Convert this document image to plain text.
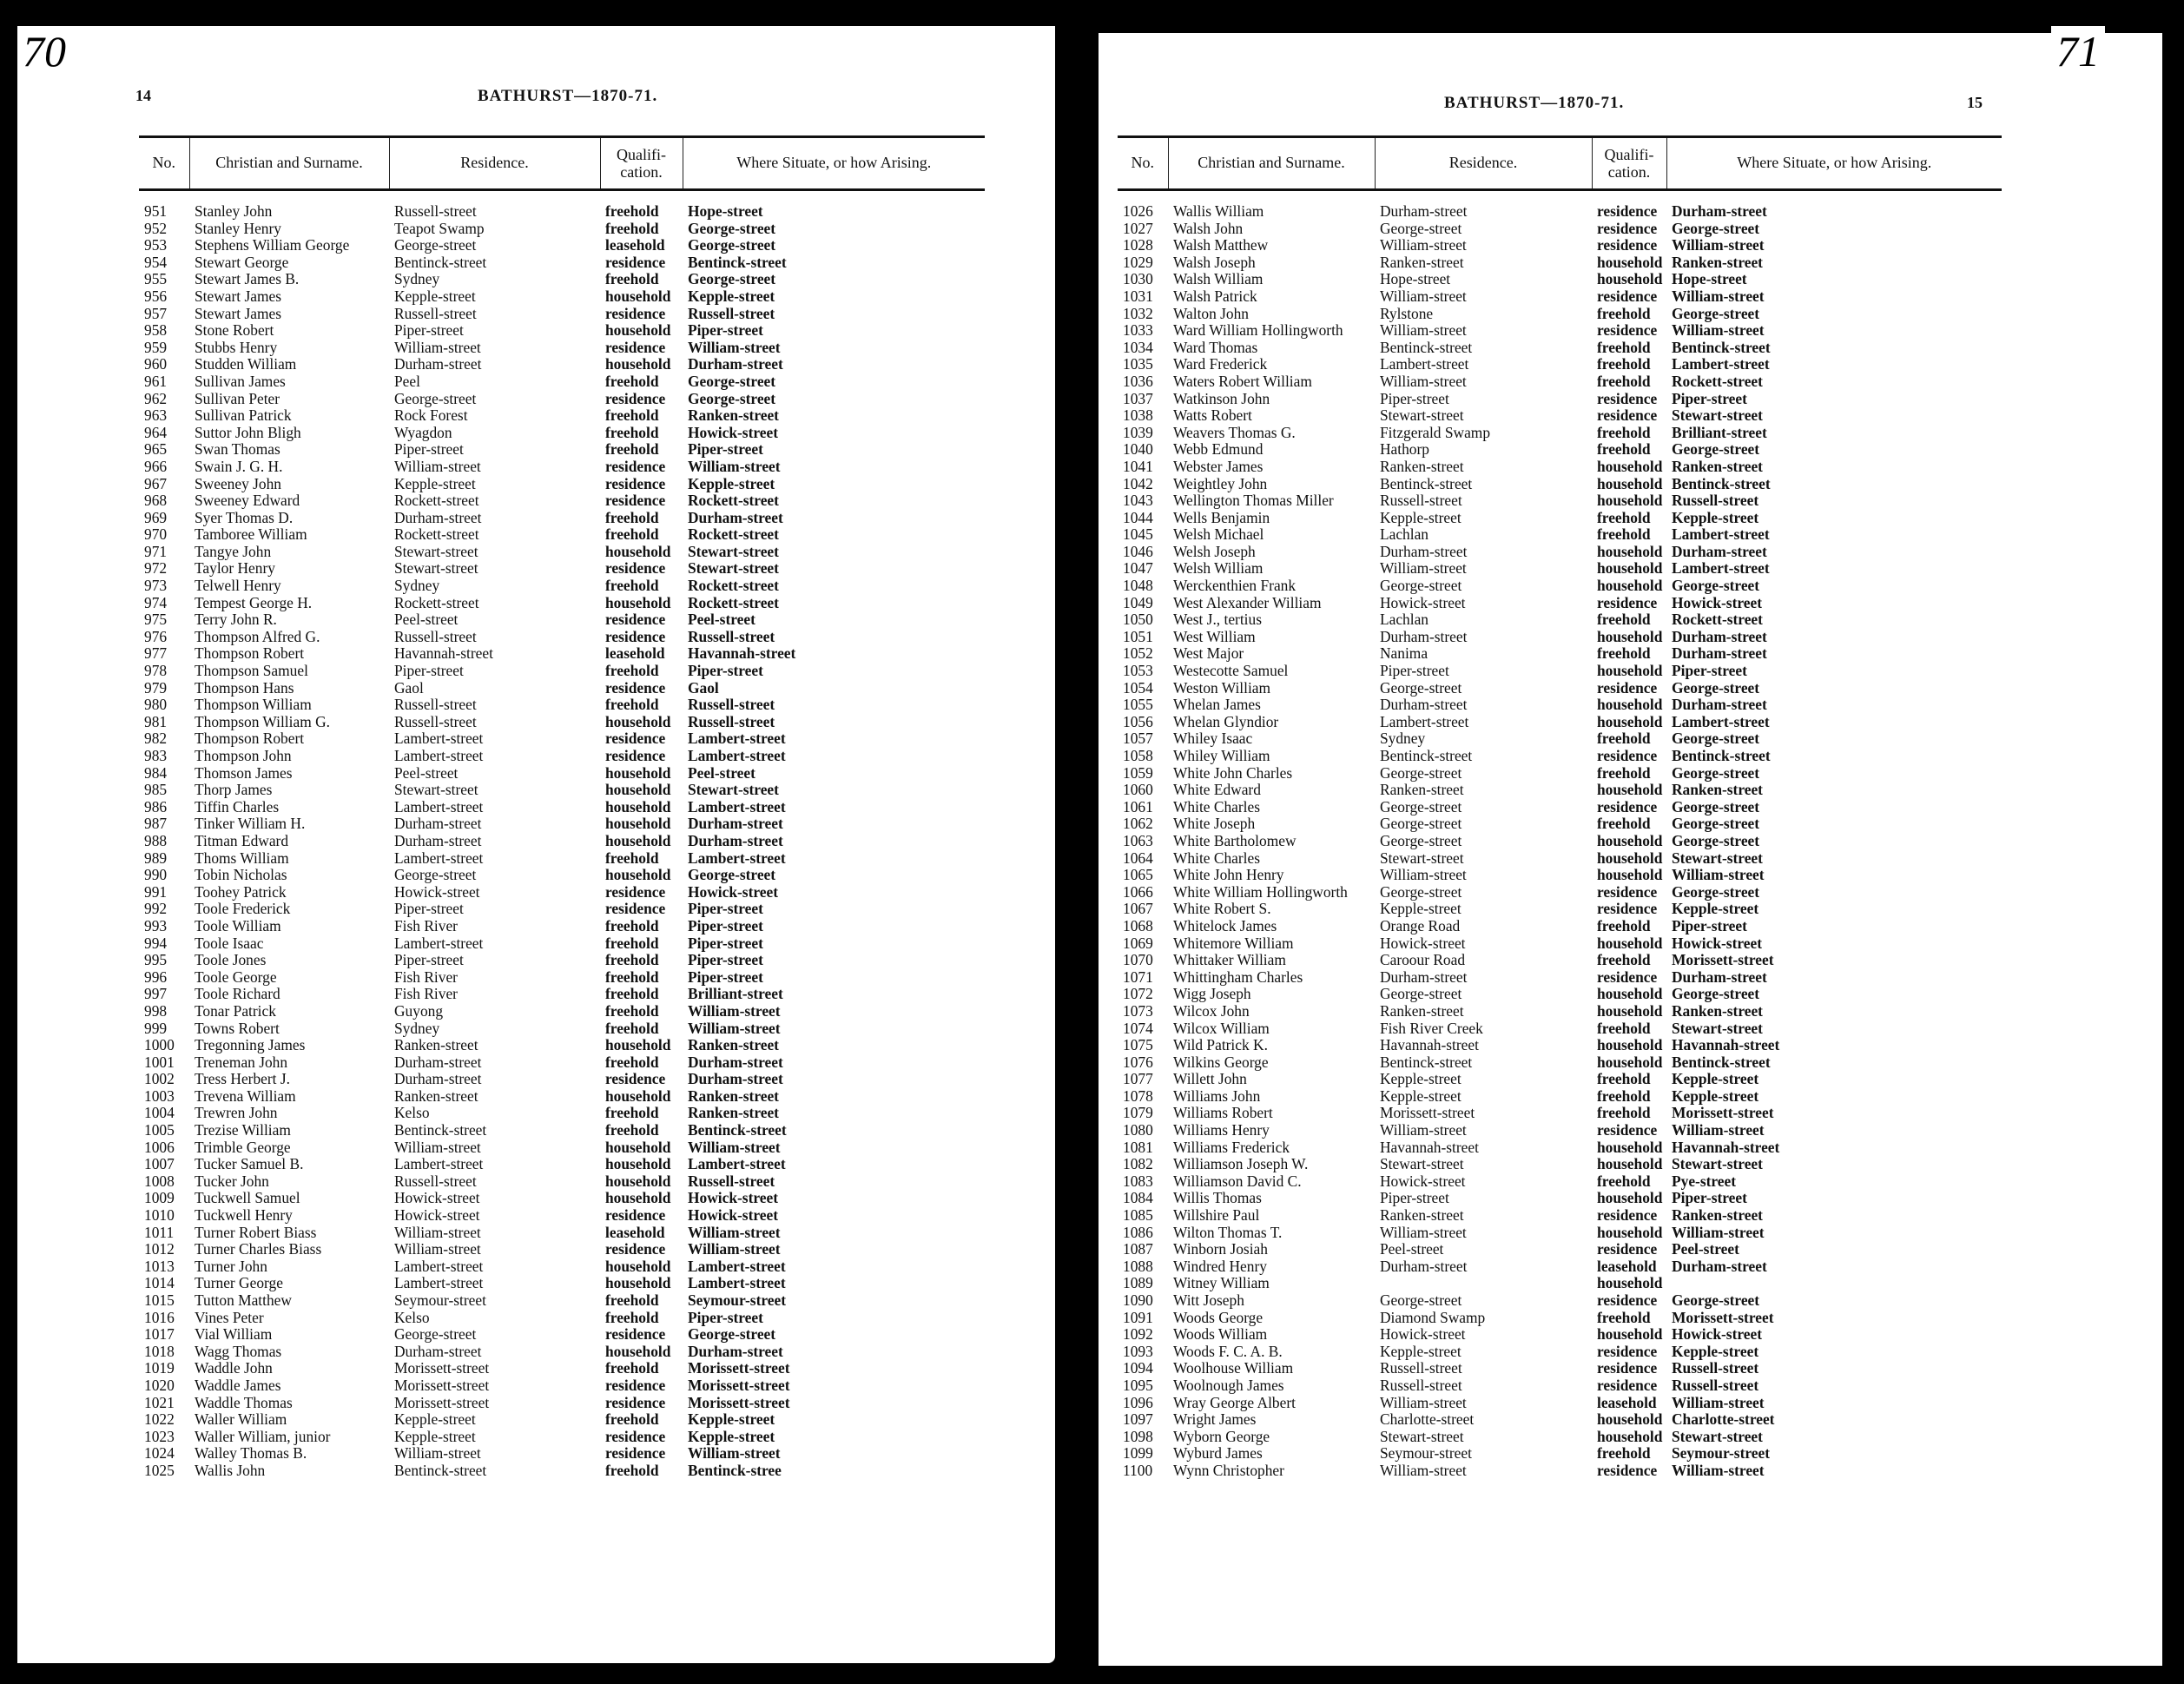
14	BATHURST—1870-71.
No.	Christian and Surname.	Residence.	Qualifi-cation.	Where Situate, or how Arising.

951	Stanley John	Russell-street	freehold	Hope-street
952	Stanley Henry	Teapot Swamp	freehold	George-street
953	Stephens William George	George-street	leasehold	George-street
954	Stewart George	Bentinck-street	residence	Bentinck-street
955	Stewart James B.	Sydney	freehold	George-street
956	Stewart James	Kepple-street	household	Kepple-street
957	Stewart James	Russell-street	residence	Russell-street
958	Stone Robert	Piper-street	household	Piper-street
959	Stubbs Henry	William-street	residence	William-street
960	Studden William	Durham-street	household	Durham-street
961	Sullivan James	Peel	freehold	George-street
962	Sullivan Peter	George-street	residence	George-street
963	Sullivan Patrick	Rock Forest	freehold	Ranken-street
964	Suttor John Bligh	Wyagdon	freehold	Howick-street
965	Swan Thomas	Piper-street	freehold	Piper-street
966	Swain J. G. H.	William-street	residence	William-street
967	Sweeney John	Kepple-street	residence	Kepple-street
968	Sweeney Edward	Rockett-street	residence	Rockett-street
969	Syer Thomas D.	Durham-street	freehold	Durham-street
970	Tamboree William	Rockett-street	freehold	Rockett-street
971	Tangye John	Stewart-street	household	Stewart-street
972	Taylor Henry	Stewart-street	residence	Stewart-street
973	Telwell Henry	Sydney	freehold	Rockett-street
974	Tempest George H.	Rockett-street	household	Rockett-street
975	Terry John R.	Peel-street	residence	Peel-street
976	Thompson Alfred G.	Russell-street	residence	Russell-street
977	Thompson Robert	Havannah-street	leasehold	Havannah-street
978	Thompson Samuel	Piper-street	freehold	Piper-street
979	Thompson Hans	Gaol	residence	Gaol
980	Thompson William	Russell-street	freehold	Russell-street
981	Thompson William G.	Russell-street	household	Russell-street
982	Thompson Robert	Lambert-street	residence	Lambert-street
983	Thompson John	Lambert-street	residence	Lambert-street
984	Thomson James	Peel-street	household	Peel-street
985	Thorp James	Stewart-street	household	Stewart-street
986	Tiffin Charles	Lambert-street	household	Lambert-street
987	Tinker William H.	Durham-street	household	Durham-street
988	Titman Edward	Durham-street	household	Durham-street
989	Thoms William	Lambert-street	freehold	Lambert-street
990	Tobin Nicholas	George-street	household	George-street
991	Toohey Patrick	Howick-street	residence	Howick-street
992	Toole Frederick	Piper-street	residence	Piper-street
993	Toole William	Fish River	freehold	Piper-street
994	Toole Isaac	Lambert-street	freehold	Piper-street
995	Toole Jones	Piper-street	freehold	Piper-street
996	Toole George	Fish River	freehold	Piper-street
997	Toole Richard	Fish River	freehold	Brilliant-street
998	Tonar Patrick	Guyong	freehold	William-street
999	Towns Robert	Sydney	freehold	William-street
1000	Tregonning James	Ranken-street	household	Ranken-street
1001	Treneman John	Durham-street	freehold	Durham-street
1002	Tress Herbert J.	Durham-street	residence	Durham-street
1003	Trevena William	Ranken-street	household	Ranken-street
1004	Trewren John	Kelso	freehold	Ranken-street
1005	Trezise William	Bentinck-street	freehold	Bentinck-street
1006	Trimble George	William-street	household	William-street
1007	Tucker Samuel B.	Lambert-street	household	Lambert-street
1008	Tucker John	Russell-street	household	Russell-street
1009	Tuckwell Samuel	Howick-street	household	Howick-street
1010	Tuckwell Henry	Howick-street	residence	Howick-street
1011	Turner Robert Biass	William-street	leasehold	William-street
1012	Turner Charles Biass	William-street	residence	William-street
1013	Turner John	Lambert-street	household	Lambert-street
1014	Turner George	Lambert-street	household	Lambert-street
1015	Tutton Matthew	Seymour-street	freehold	Seymour-street
1016	Vines Peter	Kelso	freehold	Piper-street
1017	Vial William	George-street	residence	George-street
1018	Wagg Thomas	Durham-street	household	Durham-street
1019	Waddle John	Morissett-street	freehold	Morissett-street
1020	Waddle James	Morissett-street	residence	Morissett-street
1021	Waddle Thomas	Morissett-street	residence	Morissett-street
1022	Waller William	Kepple-street	freehold	Kepple-street
1023	Waller William, junior	Kepple-street	residence	Kepple-street
1024	Walley Thomas B.	William-street	residence	William-street
1025	Wallis John	Bentinck-street	freehold	Bentinck-stree
BATHURST—1870-71.	15
No.	Christian and Surname.	Residence.	Qualifi-cation.	Where Situate, or how Arising.

1026	Wallis William	Durham-street	residence	Durham-street
1027	Walsh John	George-street	residence	George-street
1028	Walsh Matthew	William-street	residence	William-street
1029	Walsh Joseph	Ranken-street	household	Ranken-street
1030	Walsh William	Hope-street	household	Hope-street
1031	Walsh Patrick	William-street	residence	William-street
1032	Walton John	Rylstone	freehold	George-street
1033	Ward William Hollingworth	William-street	residence	William-street
1034	Ward Thomas	Bentinck-street	freehold	Bentinck-street
1035	Ward Frederick	Lambert-street	freehold	Lambert-street
1036	Waters Robert William	William-street	freehold	Rockett-street
1037	Watkinson John	Piper-street	residence	Piper-street
1038	Watts Robert	Stewart-street	residence	Stewart-street
1039	Weavers Thomas G.	Fitzgerald Swamp	freehold	Brilliant-street
1040	Webb Edmund	Hathorp	freehold	George-street
1041	Webster James	Ranken-street	household	Ranken-street
1042	Weightley John	Bentinck-street	household	Bentinck-street
1043	Wellington Thomas Miller	Russell-street	household	Russell-street
1044	Wells Benjamin	Kepple-street	freehold	Kepple-street
1045	Welsh Michael	Lachlan	freehold	Lambert-street
1046	Welsh Joseph	Durham-street	household	Durham-street
1047	Welsh William	William-street	household	Lambert-street
1048	Werckenthien Frank	George-street	household	George-street
1049	West Alexander William	Howick-street	residence	Howick-street
1050	West J., tertius	Lachlan	freehold	Rockett-street
1051	West William	Durham-street	household	Durham-street
1052	West Major	Nanima	freehold	Durham-street
1053	Westecotte Samuel	Piper-street	household	Piper-street
1054	Weston William	George-street	residence	George-street
1055	Whelan James	Durham-street	household	Durham-street
1056	Whelan Glyndior	Lambert-street	household	Lambert-street
1057	Whiley Isaac	Sydney	freehold	George-street
1058	Whiley William	Bentinck-street	residence	Bentinck-street
1059	White John Charles	George-street	freehold	George-street
1060	White Edward	Ranken-street	household	Ranken-street
1061	White Charles	George-street	residence	George-street
1062	White Joseph	George-street	freehold	George-street
1063	White Bartholomew	George-street	household	George-street
1064	White Charles	Stewart-street	household	Stewart-street
1065	White John Henry	William-street	household	William-street
1066	White William Hollingworth	George-street	residence	George-street
1067	White Robert S.	Kepple-street	residence	Kepple-street
1068	Whitelock James	Orange Road	freehold	Piper-street
1069	Whitemore William	Howick-street	household	Howick-street
1070	Whittaker William	Caroour Road	freehold	Morissett-street
1071	Whittingham Charles	Durham-street	residence	Durham-street
1072	Wigg Joseph	George-street	household	George-street
1073	Wilcox John	Ranken-street	household	Ranken-street
1074	Wilcox William	Fish River Creek	freehold	Stewart-street
1075	Wild Patrick K.	Havannah-street	household	Havannah-street
1076	Wilkins George	Bentinck-street	household	Bentinck-street
1077	Willett John	Kepple-street	freehold	Kepple-street
1078	Williams John	Kepple-street	freehold	Kepple-street
1079	Williams Robert	Morissett-street	freehold	Morissett-street
1080	Williams Henry	William-street	residence	William-street
1081	Williams Frederick	Havannah-street	household	Havannah-street
1082	Williamson Joseph W.	Stewart-street	household	Stewart-street
1083	Williamson David C.	Howick-street	freehold	Pye-street
1084	Willis Thomas	Piper-street	household	Piper-street
1085	Willshire Paul	Ranken-street	residence	Ranken-street
1086	Wilton Thomas T.	William-street	household	William-street
1087	Winborn Josiah	Peel-street	residence	Peel-street
1088	Windred Henry	Durham-street	leasehold	Durham-street
1089	Witney William		household	
1090	Witt Joseph	George-street	residence	George-street
1091	Woods George	Diamond Swamp	freehold	Morissett-street
1092	Woods William	Howick-street	household	Howick-street
1093	Woods F. C. A. B.	Kepple-street	residence	Kepple-street
1094	Woolhouse William	Russell-street	residence	Russell-street
1095	Woolnough James	Russell-street	residence	Russell-street
1096	Wray George Albert	William-street	leasehold	William-street
1097	Wright James	Charlotte-street	household	Charlotte-street
1098	Wyborn George	Stewart-street	household	Stewart-street
1099	Wyburd James	Seymour-street	freehold	Seymour-street
1100	Wynn Christopher	William-street	residence	William-street
70	71
